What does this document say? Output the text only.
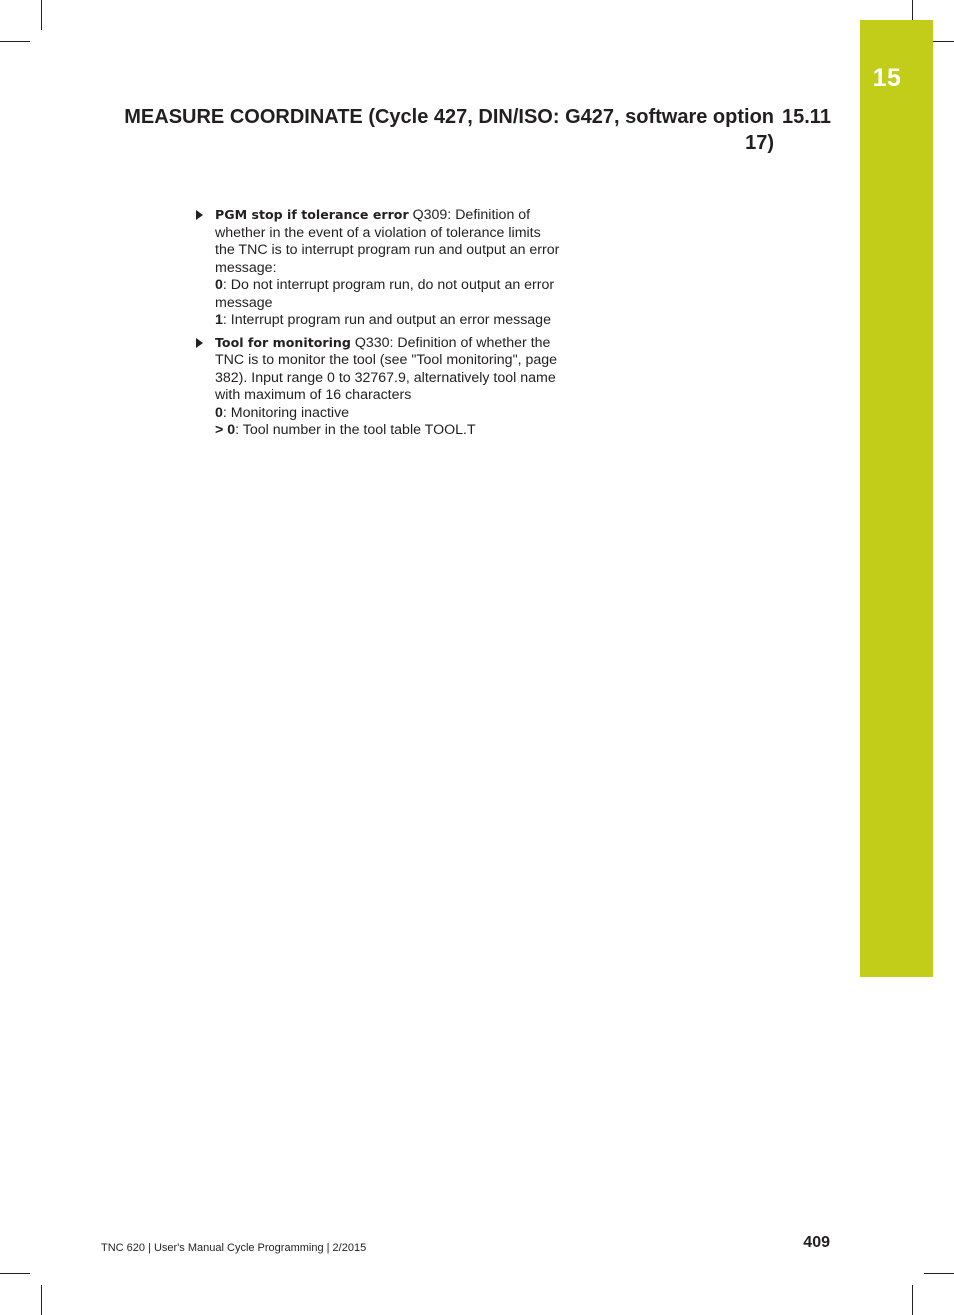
15
MEASURE COORDINATE (Cycle 427, DIN/ISO: G427, software option
17)
15.11
PGM stop if tolerance error Q309: Definition of whether in the event of a violation of tolerance limits the TNC is to interrupt program run and output an error message:
0: Do not interrupt program run, do not output an error message
1: Interrupt program run and output an error message
Tool for monitoring Q330: Definition of whether the TNC is to monitor the tool (see "Tool monitoring", page 382). Input range 0 to 32767.9, alternatively tool name with maximum of 16 characters
0: Monitoring inactive
> 0: Tool number in the tool table TOOL.T
TNC 620 | User's Manual Cycle Programming | 2/2015	409
